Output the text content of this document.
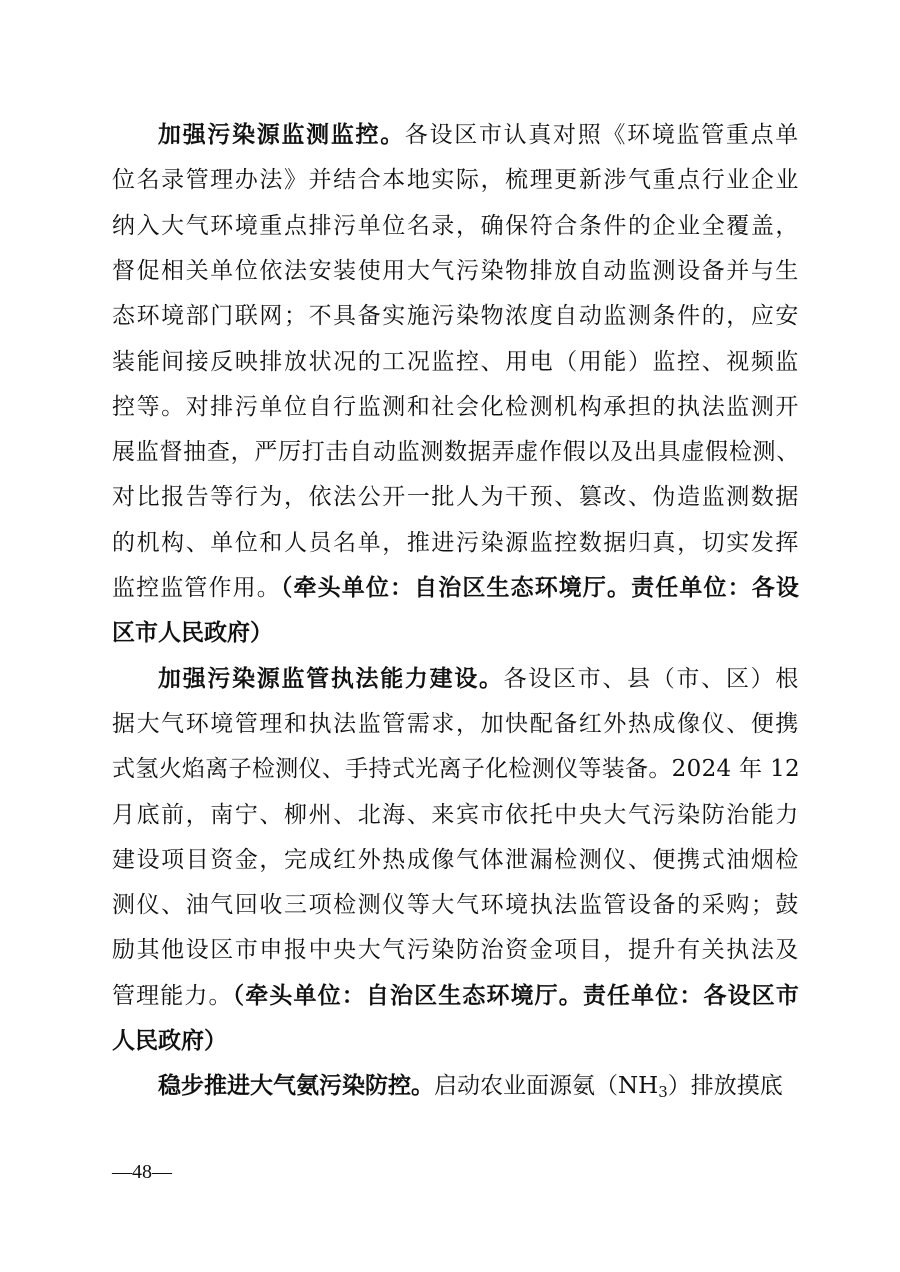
加强污染源监测监控。各设区市认真对照《环境监管重点单
位名录管理办法》并结合本地实际，梳理更新涉气重点行业企业
纳入大气环境重点排污单位名录，确保符合条件的企业全覆盖，
督促相关单位依法安装使用大气污染物排放自动监测设备并与生
态环境部门联网；不具备实施污染物浓度自动监测条件的，应安
装能间接反映排放状况的工况监控、用电（用能）监控、视频监
控等。对排污单位自行监测和社会化检测机构承担的执法监测开
展监督抽查，严厉打击自动监测数据弄虚作假以及出具虚假检测、
对比报告等行为，依法公开一批人为干预、篡改、伪造监测数据
的机构、单位和人员名单，推进污染源监控数据归真，切实发挥
监控监管作用。（牵头单位：自治区生态环境厅。责任单位：各设
区市人民政府）
加强污染源监管执法能力建设。各设区市、县（市、区）根
据大气环境管理和执法监管需求，加快配备红外热成像仪、便携
式氢火焰离子检测仪、手持式光离子化检测仪等装备。2024 年 12
月底前，南宁、柳州、北海、来宾市依托中央大气污染防治能力
建设项目资金，完成红外热成像气体泄漏检测仪、便携式油烟检
测仪、油气回收三项检测仪等大气环境执法监管设备的采购；鼓
励其他设区市申报中央大气污染防治资金项目，提升有关执法及
管理能力。（牵头单位：自治区生态环境厅。责任单位：各设区市
人民政府）
稳步推进大气氨污染防控。启动农业面源氨$(NH_3)$排放摸底
—48—
